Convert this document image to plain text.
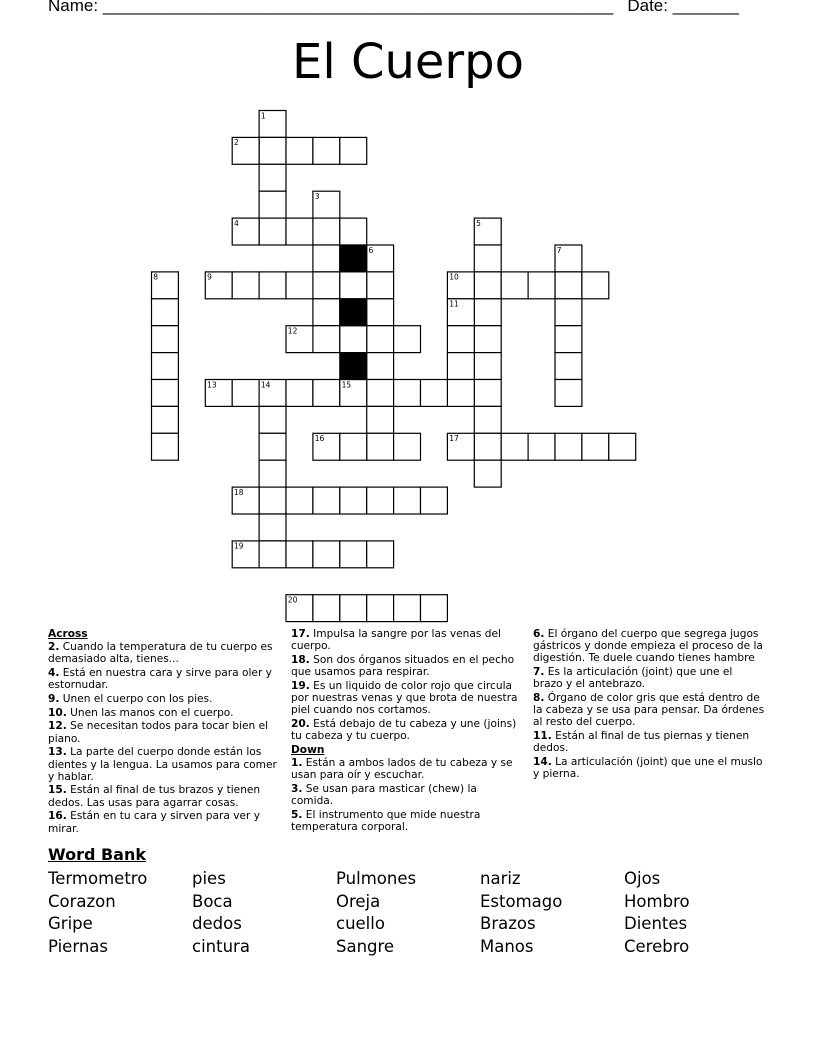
Name: ______________________________________________________ Date: _______
El Cuerpo
1
2
3
4	5
6	7
8	9	10
11
12
13	14	15
16	17
18
19
20
Across
2. Cuando la temperatura de tu cuerpo es demasiado alta, tienes...
4. Está en nuestra cara y sirve para oler y estornudar.
9. Unen el cuerpo con los pies.
10. Unen las manos con el cuerpo.
12. Se necesitan todos para tocar bien el piano.
13. La parte del cuerpo donde están los dientes y la lengua. La usamos para comer y hablar.
15. Están al final de tus brazos y tienen dedos. Las usas para agarrar cosas.
16. Están en tu cara y sirven para ver y mirar.
17. Impulsa la sangre por las venas del cuerpo.
18. Son dos órganos situados en el pecho que usamos para respirar.
19. Es un liquido de color rojo que circula por nuestras venas y que brota de nuestra piel cuando nos cortamos.
20. Está debajo de tu cabeza y une (joins) tu cabeza y tu cuerpo.
Down
1. Están a ambos lados de tu cabeza y se usan para oír y escuchar.
3. Se usan para masticar (chew) la comida.
5. El instrumento que mide nuestra temperatura corporal.
6. El órgano del cuerpo que segrega jugos gástricos y donde empieza el proceso de la digestión. Te duele cuando tienes hambre
7. Es la articulación (joint) que une el brazo y el antebrazo.
8. Órgano de color gris que está dentro de la cabeza y se usa para pensar. Da órdenes al resto del cuerpo.
11. Están al final de tus piernas y tienen dedos.
14. La articulación (joint) que une el muslo y pierna.
Word Bank
Termometro	pies	Pulmones	nariz	Ojos
Corazon	Boca	Oreja	Estomago	Hombro
Gripe	dedos	cuello	Brazos	Dientes
Piernas	cintura	Sangre	Manos	Cerebro
